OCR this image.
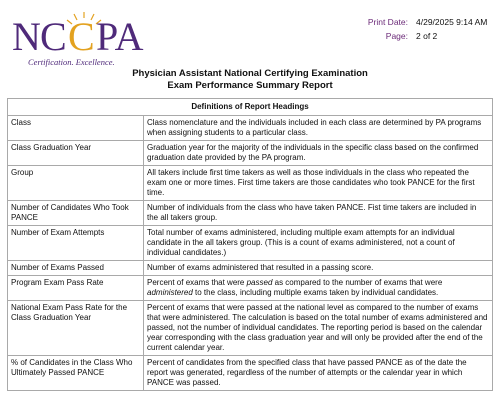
N C C PA
Certification. Excellence.
Print Date: 4/29/2025 9:14 AM
Page: 2 of 2
Physician Assistant National Certifying Examination
Exam Performance Summary Report
Definitions of Report Headings	
Class	Class nomenclature and the individuals included in each class are determined by PA programs when assigning students to a particular class.
Class Graduation Year	Graduation year for the majority of the individuals in the specific class based on the confirmed graduation date provided by the PA program.
Group	All takers include first time takers as well as those individuals in the class who repeated the exam one or more times. First time takers are those candidates who took PANCE for the first time.
Number of Candidates Who Took PANCE	Number of individuals from the class who have taken PANCE. Fist time takers are included in the all takers group.
Number of Exam Attempts	Total number of exams administered, including multiple exam attempts for an individual candidate in the all takers group. (This is a count of exams administered, not a count of individual candidates.)
Number of Exams Passed	Number of exams administered that resulted in a passing score.
Program Exam Pass Rate	Percent of exams that were passed as compared to the number of exams that were administered to the class, including multiple exams taken by individual candidates.
National Exam Pass Rate for the Class Graduation Year	Percent of exams that were passed at the national level as compared to the number of exams that were administered. The calculation is based on the total number of exams administered and passed, not the number of individual candidates. The reporting period is based on the calendar year corresponding with the class graduation year and will only be provided after the end of the current calendar year.
% of Candidates in the Class Who Ultimately Passed PANCE	Percent of candidates from the specified class that have passed PANCE as of the date the report was generated, regardless of the number of attempts or the calendar year in which PANCE was passed.
